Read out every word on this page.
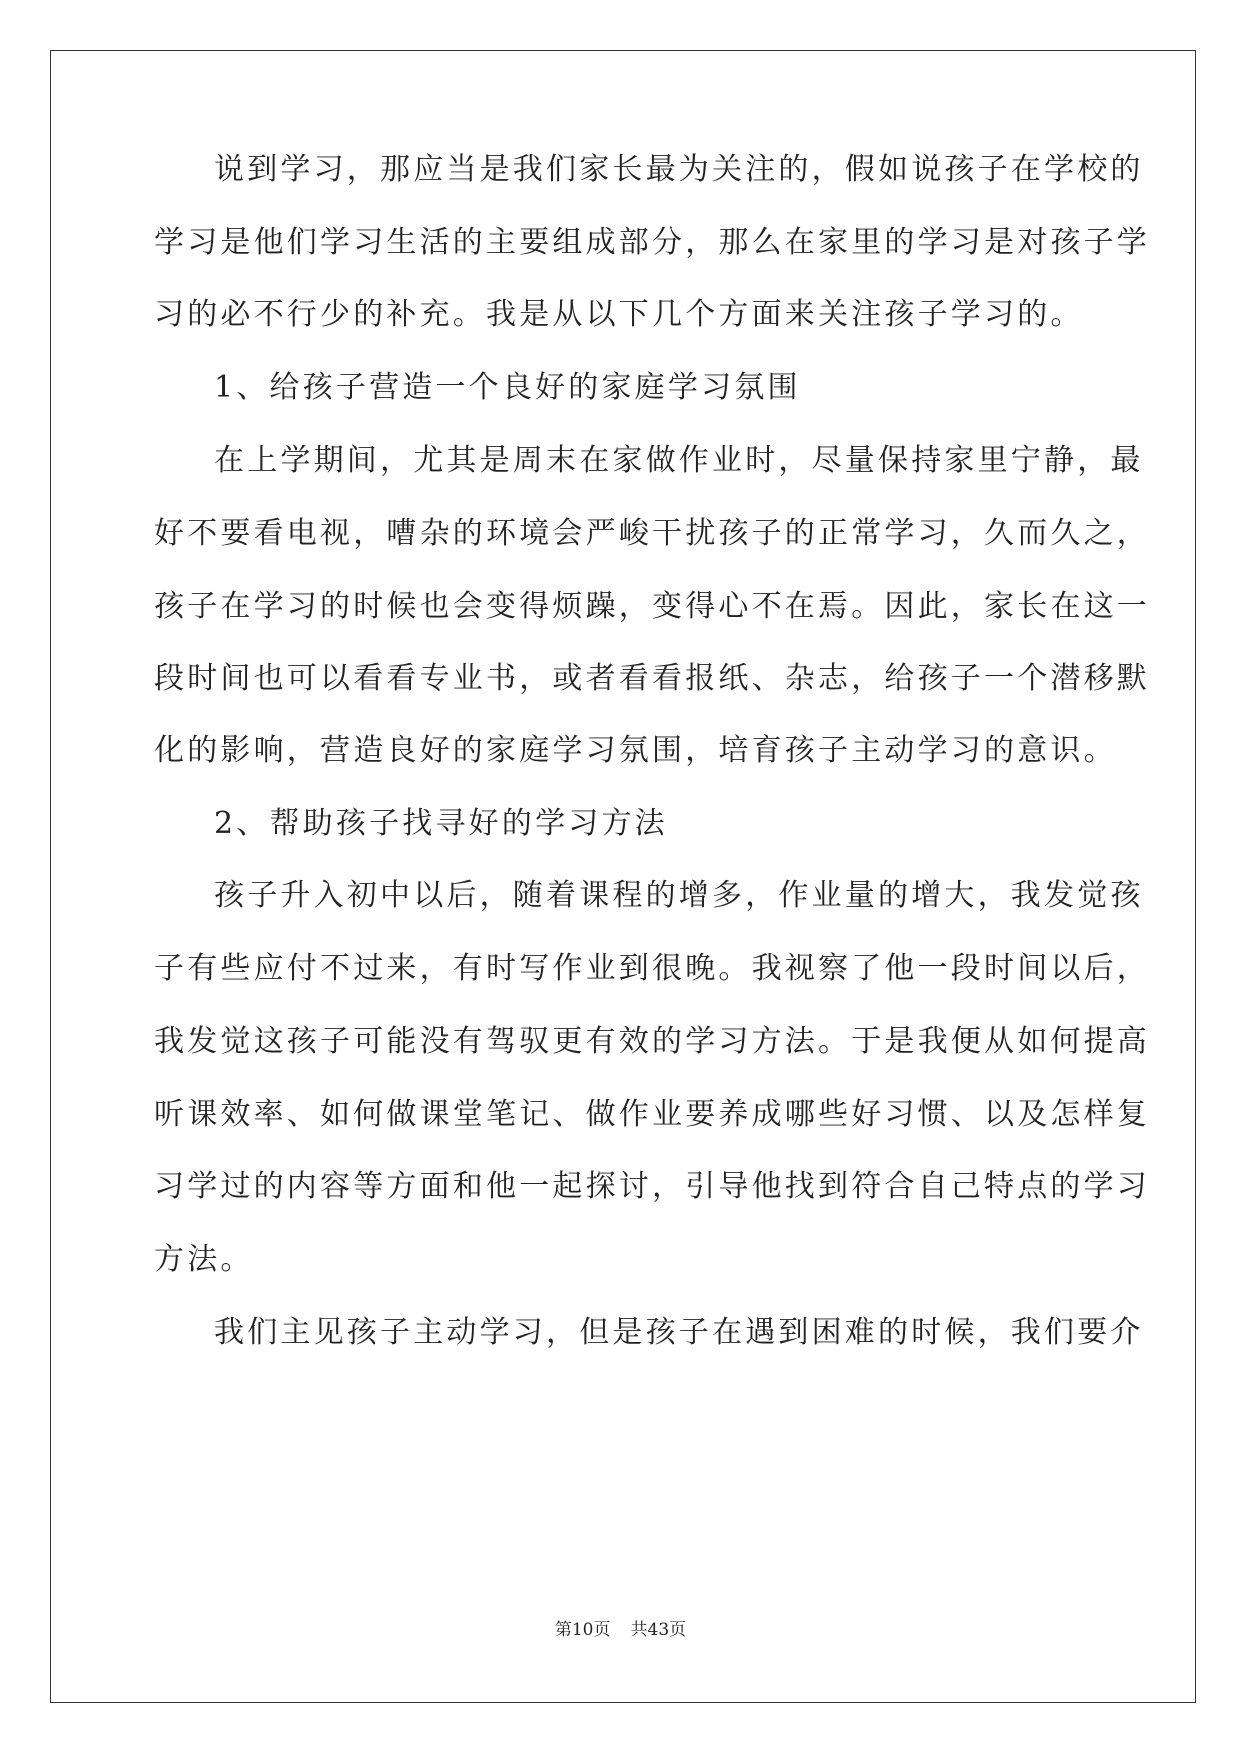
说到学习，那应当是我们家长最为关注的，假如说孩子在学校的
学习是他们学习生活的主要组成部分，那么在家里的学习是对孩子学
习的必不行少的补充。我是从以下几个方面来关注孩子学习的。
1、给孩子营造一个良好的家庭学习氛围
在上学期间，尤其是周末在家做作业时，尽量保持家里宁静，最
好不要看电视，嘈杂的环境会严峻干扰孩子的正常学习，久而久之，
孩子在学习的时候也会变得烦躁，变得心不在焉。因此，家长在这一
段时间也可以看看专业书，或者看看报纸、杂志，给孩子一个潜移默
化的影响，营造良好的家庭学习氛围，培育孩子主动学习的意识。
2、帮助孩子找寻好的学习方法
孩子升入初中以后，随着课程的增多，作业量的增大，我发觉孩
子有些应付不过来，有时写作业到很晚。我视察了他一段时间以后，
我发觉这孩子可能没有驾驭更有效的学习方法。于是我便从如何提高
听课效率、如何做课堂笔记、做作业要养成哪些好习惯、以及怎样复
习学过的内容等方面和他一起探讨，引导他找到符合自己特点的学习
方法。
我们主见孩子主动学习，但是孩子在遇到困难的时候，我们要介
第10页 共43页
